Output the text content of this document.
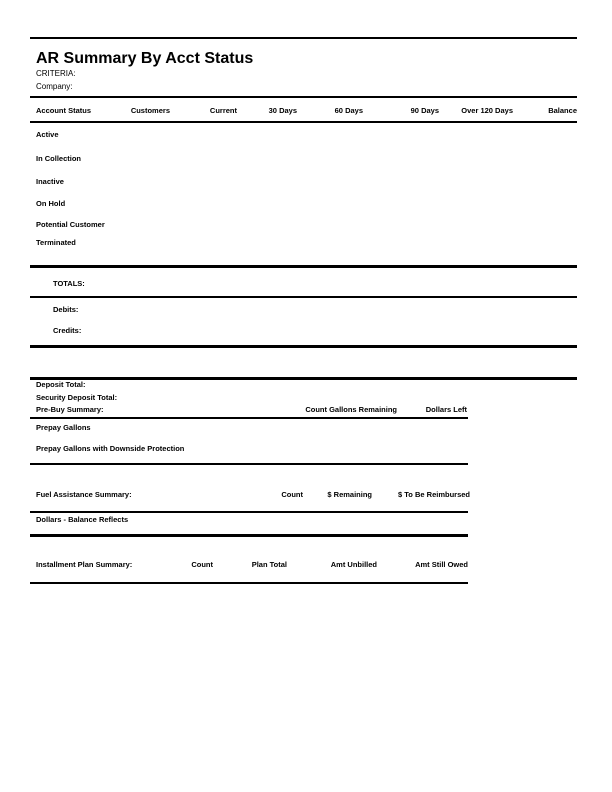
AR Summary By Acct Status
CRITERIA:
Company:
Account Status	Customers	Current	30 Days	60 Days	90 Days	Over 120 Days	Balance
Active
In Collection
Inactive
On Hold
Potential Customer
Terminated
TOTALS:
Debits:
Credits:
Deposit Total:
Security Deposit Total:
Pre-Buy Summary:	Count Gallons Remaining	Dollars Left
Prepay Gallons
Prepay Gallons with Downside Protection
Fuel Assistance Summary:	Count	$ Remaining	$ To Be Reimbursed
Dollars - Balance Reflects
Installment Plan Summary:	Count	Plan Total	Amt Unbilled	Amt Still Owed
